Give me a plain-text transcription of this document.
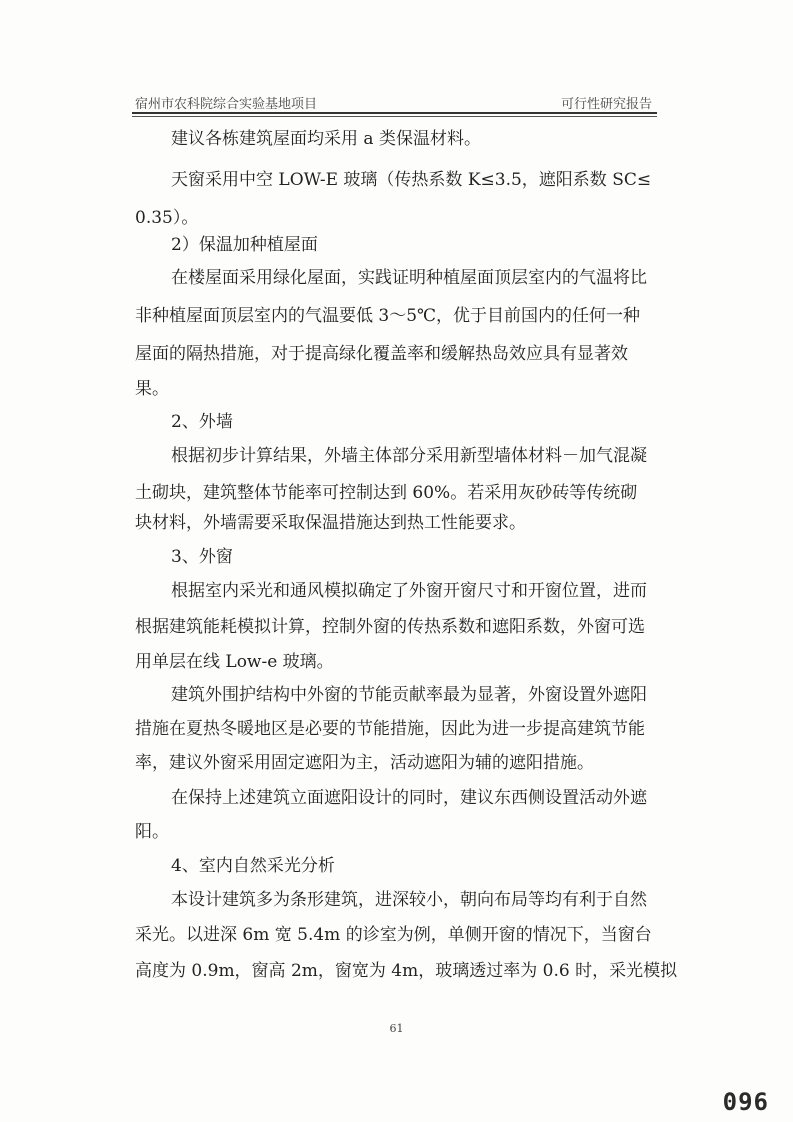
宿州市农科院综合实验基地项目	可行性研究报告
建议各栋建筑屋面均采用 a 类保温材料。
天窗采用中空 LOW-E 玻璃（传热系数 K≤3.5，遮阳系数 SC≤
0.35）。
2）保温加种植屋面
在楼屋面采用绿化屋面，实践证明种植屋面顶层室内的气温将比
非种植屋面顶层室内的气温要低 3～5℃，优于目前国内的任何一种
屋面的隔热措施，对于提高绿化覆盖率和缓解热岛效应具有显著效
果。
2、外墙
根据初步计算结果，外墙主体部分采用新型墙体材料－加气混凝
土砌块，建筑整体节能率可控制达到 60%。若采用灰砂砖等传统砌
块材料，外墙需要采取保温措施达到热工性能要求。
3、外窗
根据室内采光和通风模拟确定了外窗开窗尺寸和开窗位置，进而
根据建筑能耗模拟计算，控制外窗的传热系数和遮阳系数，外窗可选
用单层在线 Low-e 玻璃。
建筑外围护结构中外窗的节能贡献率最为显著，外窗设置外遮阳
措施在夏热冬暖地区是必要的节能措施，因此为进一步提高建筑节能
率，建议外窗采用固定遮阳为主，活动遮阳为辅的遮阳措施。
在保持上述建筑立面遮阳设计的同时，建议东西侧设置活动外遮
阳。
4、室内自然采光分析
本设计建筑多为条形建筑，进深较小，朝向布局等均有利于自然
采光。以进深 6m 宽 5.4m 的诊室为例，单侧开窗的情况下，当窗台
高度为 0.9m，窗高 2m，窗宽为 4m，玻璃透过率为 0.6 时，采光模拟
61
096
